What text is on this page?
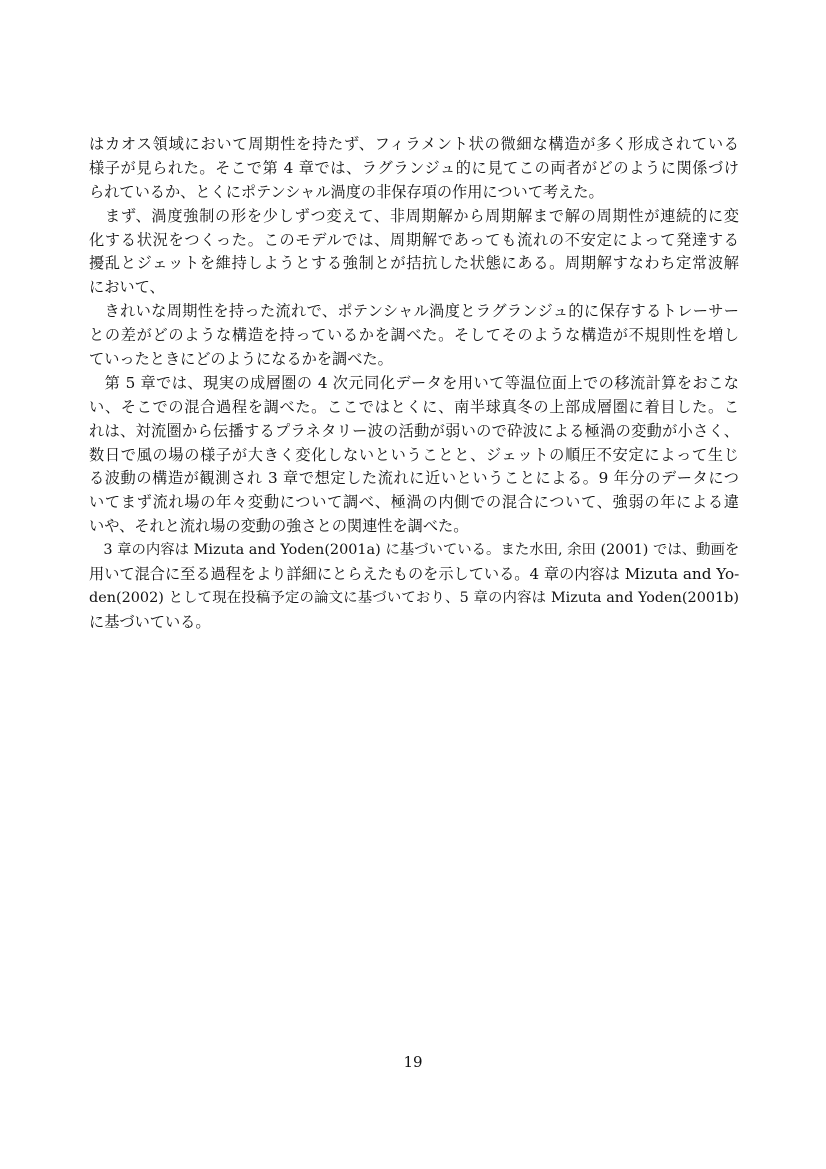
はカオス領域において周期性を持たず、フィラメント状の微細な構造が多く形成されている
様子が見られた。そこで第 4 章では、ラグランジュ的に見てこの両者がどのように関係づけ
られているか、とくにポテンシャル渦度の非保存項の作用について考えた。
　まず、渦度強制の形を少しずつ変えて、非周期解から周期解まで解の周期性が連続的に変
化する状況をつくった。このモデルでは、周期解であっても流れの不安定によって発達する
擾乱とジェットを維持しようとする強制とが拮抗した状態にある。周期解すなわち定常波解
において、
　きれいな周期性を持った流れで、ポテンシャル渦度とラグランジュ的に保存するトレーサー
との差がどのような構造を持っているかを調べた。そしてそのような構造が不規則性を増し
ていったときにどのようになるかを調べた。
　第 5 章では、現実の成層圏の 4 次元同化データを用いて等温位面上での移流計算をおこな
い、そこでの混合過程を調べた。ここではとくに、南半球真冬の上部成層圏に着目した。こ
れは、対流圏から伝播するプラネタリー波の活動が弱いので砕波による極渦の変動が小さく、
数日で風の場の様子が大きく変化しないということと、ジェットの順圧不安定によって生じ
る波動の構造が観測され 3 章で想定した流れに近いということによる。9 年分のデータにつ
いてまず流れ場の年々変動について調べ、極渦の内側での混合について、強弱の年による違
いや、それと流れ場の変動の強さとの関連性を調べた。
　3 章の内容は Mizuta and Yoden(2001a) に基づいている。また水田, 余田 (2001) では、動画を
用いて混合に至る過程をより詳細にとらえたものを示している。4 章の内容は Mizuta and Yo-
den(2002) として現在投稿予定の論文に基づいており、5 章の内容は Mizuta and Yoden(2001b)
に基づいている。
19
